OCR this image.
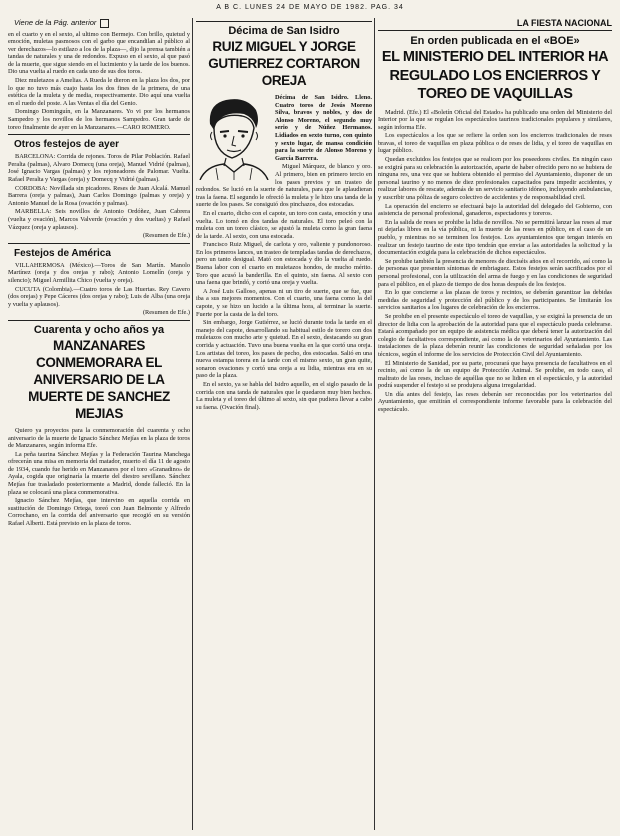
A B C. LUNES 24 DE MAYO DE 1982. PAG. 34
Viene de la Pág. anterior

en el cuarto y en el sexto, al ultimo con Bermejo. Con brillo, quietud y emoción, muletas pasmosos con el garbo que encandilan al público al ver derechazos—lo estilazo a los de la plaza—, dijo la prensa también a tandas de naturales y una de redondos. Expuso en el sexto, al que pasó de la muerte, que sigue siendo en el lucimiento y la tarde de los buenos. Dio una vuelta al ruedo en cada uno de sus dos toros.

Diez muletazos a Amelias. A Rueda le dieron en la plaza los dos, por lo que no tuvo más cuajo hasta los dos fines de la primera, de una estética de la muleta y de media, respectivamente. Dio aquí una vuelta en el ruedo del poste. A las Ventas el día del Genio.

Domingo Dominguín, en la Manzanares. Yo vi por los hermanos Sampedro y los novillos de los hermanos Sampedro. Gran tarde de toreo finalmente de ayer en la Manzanares.—CARO ROMERO.

Otros festejos de ayer

BARCELONA: Corrida de rejones. Toros de Pilar Población. Rafael Peralta (palmas), Alvaro Domecq (una oreja), Manuel Vidrié (palmas), José Ignacio Vargas (palmas) y los rejoneadores de Palomar. Vuelta. Rafael Peralta y Vargas (oreja) y Domecq y Vidrié (palmas).

CORDOBA: Novillada sin picadores. Reses de Juan Alcalá. Manuel Barrera (oreja y palmas), Juan Carlos Domingo (palmas y oreja) y Antonio Manuel de la Rosa (ovación y palmas).

MARBELLA: Seis novillos de Antonio Ordóñez, Juan Cabrera (vuelta y ovación), Marcos Valverde (ovación y dos vueltas) y Rafael Vázquez (oreja y aplausos).

(Resumen de Efe.)

Festejos de América

VILLAHERMOSA (México).—Toros de San Martín. Manolo Martínez (oreja y dos orejas y rabo); Antonio Lomelín (oreja y silencio); Miguel Armillita Chico (vuelta y oreja).

CUCUTA (Colombia).—Cuatro toros de Las Huertas. Rey Cavero (dos orejas) y Pepe Cáceres (dos orejas y rabo); Luis de Alba (una oreja y vuelta y aplausos).

(Resumen de Efe.)

Cuarenta y ocho años ya
MANZANARES CONMEMORARA EL ANIVERSARIO DE LA MUERTE DE SANCHEZ MEJIAS

Quiero ya proyectos para la conmemoración del cuarenta y ocho aniversario de la muerte de Ignacio Sánchez Mejías en la plaza de toros de Manzanares, según informa Efe.

La peña taurina Sánchez Mejías y la Federación Taurina Manchega ofrecerán una misa en memoria del matador, muerto el día 11 de agosto de 1934, cuando fue herido en Manzanares por el toro «Granadino» de Ayala, cogida que originaría la muerte del diestro sevillano. Sánchez Mejías fue trasladado posteriormente a Madrid, donde falleció. En la plaza se colocará una placa conmemorativa.

Ignacio Sánchez Mejías, que intervino en aquella corrida en sustitución de Domingo Ortega, toreó con Juan Belmonte y Alfredo Corrochano, en la corrida del aniversario que recogió en su versión Rafael Alberti. Está previsto en la plaza de toros.

Décima de San Isidro
RUIZ MIGUEL Y JORGE GUTIERREZ CORTARON OREJA

Décima de San Isidro. Lleno. Cuatro toros de Jesús Moreno Silva, bravos y nobles, y dos de Alonso Moreno, el segundo muy serio y de Núñez Hermanos. Lidiados en sexto turno, con quinto y sexto lugar, de mansa condición para la suerte de Alonso Moreno y García Barrera.

Miguel Márquez, de blanco y oro. Al primero, bien en primero tercio en los pases previos y un trasteo de redondos. Se lució en la suerte de naturales, para que le aplaudieran tras la faena. El segundo le ofreció la muleta y le hizo una tanda de la suerte de los pases. Se consiguió dos pinchazos, dos estocadas.

En el cuarto, dicho con el capote, un toro con casta, emoción y una vuelta. Lo tomó en dos tandas de naturales. El toro peleó con la muleta con un toreo clásico, se ajustó la muleta como la gran faena de la tarde. Al sexto, con una estocada.

Francisco Ruiz Miguel, de carlota y oro, valiente y pundonoroso. En los primeros lances, un trasteo de templadas tandas de derechazos, pero un tanto desigual. Mató con estocada y dio la vuelta al ruedo. Buena labor con el cuarto en muletazos hondos, de mucho mérito. Toro que acusó la banderilla. En el quinto, sin faena. Al sexto con una faena que brindó, y cortó una oreja y vuelta.

A José Luis Galloso, apenas ni un tiro de suerte, que se fue, que iba a sus mejores momentos. Con el cuarto, una faena como la del capote, y se hizo un lucido a la última hora, al terminar la suerte. Fuerte por la casta de la del toro.

Sin embargo, Jorge Gutiérrez, se lució durante toda la tarde en el manejo del capote, desarrollando su habitual estilo de torero con dos muletazos con mucho arte y quietud. En el sexto, destacando su gran corrida y actuación. Tuvo una buena vuelta en la que cortó una oreja. Los artistas del toreo, los pases de pecho, dos estocadas. Salió en una nueva estampa torera en la tarde con el mismo sexto, un gran quite, sonaron ovaciones y cortó una oreja a su lidia, mientras era en su paso de la plaza.

En el sexto, ya se habla del Isidro aquello, en el siglo pasado de la corrida con una tanda de naturales que le quedaron muy bien hechos. La muleta y el toreo del último al sexto, sin que pudiera llevar a cabo su faena. (Ovación final).

LA FIESTA NACIONAL
En orden publicada en el «BOE»
EL MINISTERIO DEL INTERIOR HA REGULADO LOS ENCIERROS Y TOREO DE VAQUILLAS

Madrid. (Efe.) El «Boletín Oficial del Estado» ha publicado una orden del Ministerio del Interior por la que se regulan los espectáculos taurinos tradicionales populares y similares, según informa Efe.

Los espectáculos a los que se refiere la orden son los encierros tradicionales de reses bravas, el toreo de vaquillas en plaza pública o de reses de lidia, y el toreo de vaquillas en lugar público.

Quedan excluidos los festejos que se realicen por los poseedores civiles. En ningún caso se exigirá para su celebración la autorización, aparte de haber ofrecido pero no se hubiera de ninguna res, una vez que se hubiera obtenido el permiso del Ayuntamiento, disponer de un personal taurino y no menos de diez profesionales capacitados para impedir accidentes, y realizar labores de rescate, además de un servicio sanitario idóneo, incluyendo ambulancias, y suscribir una póliza de seguro colectivo de accidentes y de responsabilidad civil.

La operación del encierro se efectuará bajo la autoridad del delegado del Gobierno, con asistencia de personal profesional, ganaderos, espectadores y toreros.

En la salida de reses se prohibe la lidia de novillos. No se permitirá lanzar las reses al mar ni dejarlas libres en la vía pública, ni la muerte de las reses en público, en el caso de un pueblo, y mientras no se terminen los festejos. Los ayuntamientos que tengan interés en realizar un festejo taurino de este tipo tendrán que enviar a las autoridades la solicitud y la documentación exigida para la celebración de dichos espectáculos.

Se prohibe también la presencia de menores de dieciséis años en el recorrido, así como la de personas que presenten síntomas de embriaguez. Estos festejos serán sacrificados por el personal profesional, con la utilización del arma de fuego y en las condiciones de seguridad para el público, en el plazo de tiempo de dos horas después de los festejos.

En lo que concierne a las plazas de toros y recintos, se deberán garantizar las debidas medidas de seguridad y protección del público y de los participantes. Se limitarán los servicios sanitarios a los lugares de celebración de los encierros.

Se prohibe en el presente espectáculo el toreo de vaquillas, y se exigirá la presencia de un director de lidia con la aprobación de la autoridad para que el espectáculo pueda celebrarse. Estará acompañado por un equipo de asistencia médica que deberá tener la autorización del colegio de facultativos correspondiente, así como la de veterinarios del Ayuntamiento. Las instalaciones de la plaza deberán reunir las condiciones de seguridad señaladas por los técnicos, según el informe de los servicios de Protección Civil del Ayuntamiento.

El Ministerio de Sanidad, por su parte, procurará que haya presencia de facultativos en el recinto, así como la de un equipo de Protección Animal. Se prohibe, en todo caso, el maltrato de las reses, incluso de aquéllas que no se lidien en el espectáculo, y la autoridad podrá suspender el festejo si se produjera alguna irregularidad.

Un día antes del festejo, las reses deberán ser reconocidas por los veterinarios del Ayuntamiento, que emitirán el correspondiente informe favorable para la celebración del espectáculo.
